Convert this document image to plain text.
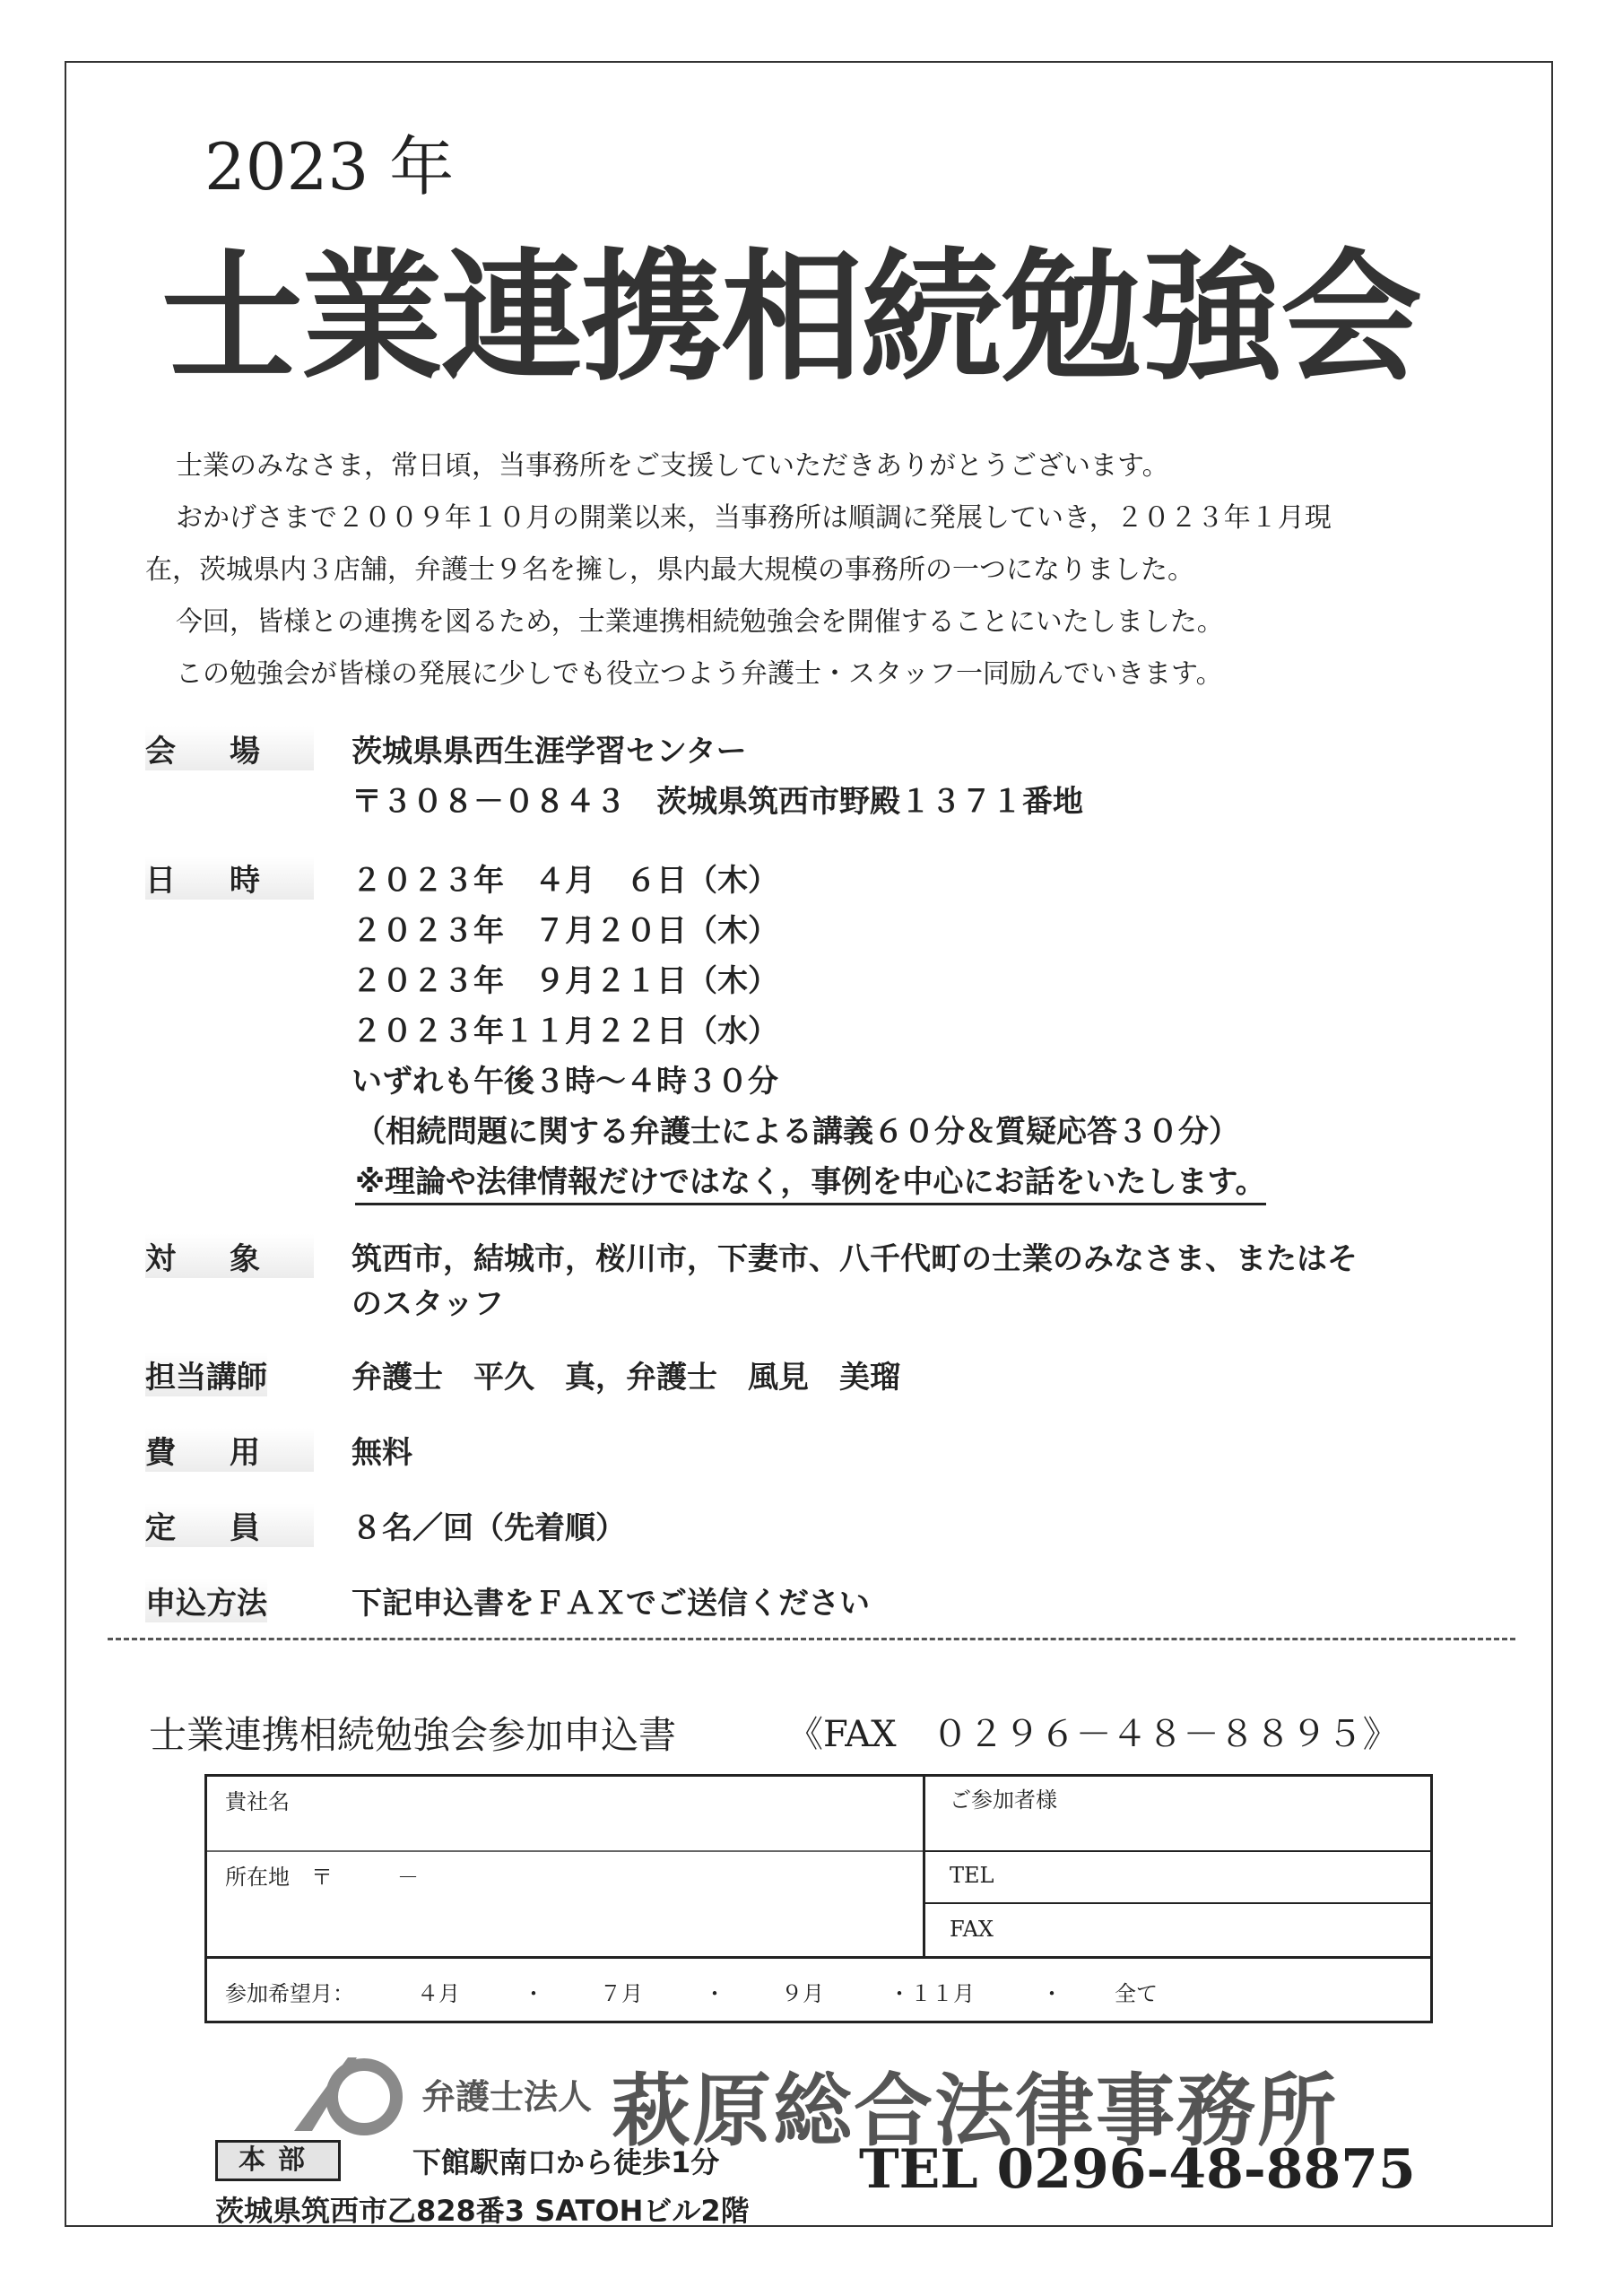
2023 年
士業連携相続勉強会
士業のみなさま，常日頃，当事務所をご支援していただきありがとうございます。
おかげさまで２００９年１０月の開業以来，当事務所は順調に発展していき，２０２３年１月現
在，茨城県内３店舗，弁護士９名を擁し，県内最大規模の事務所の一つになりました。
今回，皆様との連携を図るため，士業連携相続勉強会を開催することにいたしました。
この勉強会が皆様の発展に少しでも役立つよう弁護士・スタッフ一同励んでいきます。
会場 茨城県県西生涯学習センター
〒３０８－０８４３　茨城県筑西市野殿１３７１番地
日時 ２０２３年　４月　６日（木）
２０２３年　７月２０日（木）
２０２３年　９月２１日（木）
２０２３年１１月２２日（水）
いずれも午後３時～４時３０分
（相続問題に関する弁護士による講義６０分＆質疑応答３０分）
※理論や法律情報だけではなく，事例を中心にお話をいたします。
対象 筑西市，結城市，桜川市，下妻市、八千代町の士業のみなさま、またはそ
のスタッフ
担当講師	弁護士　平久　真，弁護士　風見　美瑠
費用 無料
定員 ８名／回（先着順）
申込方法	下記申込書をＦＡＸでご送信ください
士業連携相続勉強会参加申込書	《FAX　０２９６－４８－８８９５》
貴社名	ご参加者様
所在地　〒　　　－	TEL
FAX
参加希望月：	４月	・	７月	・	９月	・１１月	・ 全て
弁護士法人 萩原総合法律事務所
本部	下館駅南口から徒歩1分
茨城県筑西市乙828番3 SATOHビル2階
TEL 0296-48-8875
